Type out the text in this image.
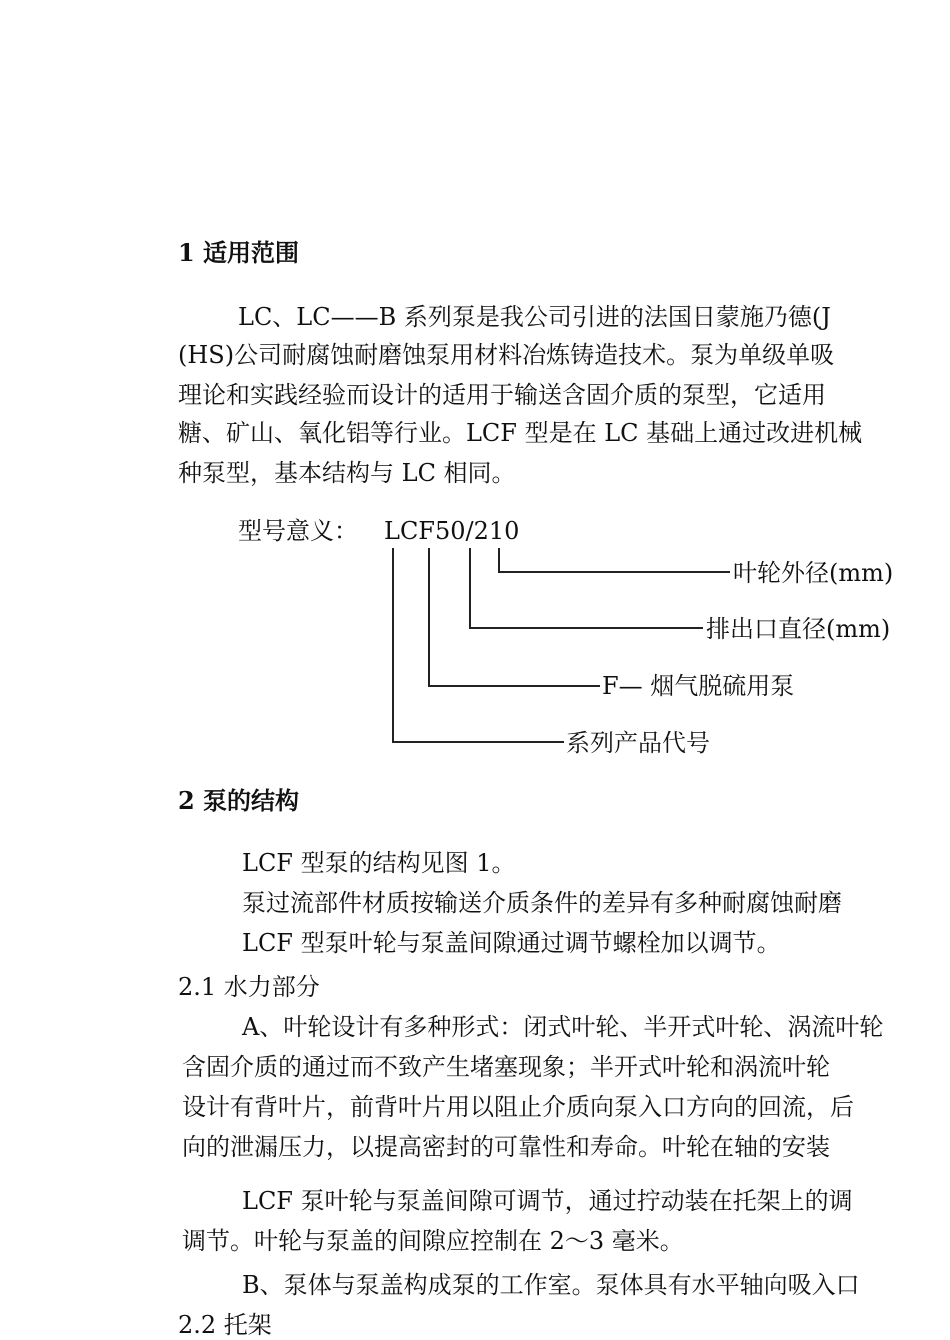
1 适用范围
LC、LC——B 系列泵是我公司引进的法国日蒙施乃德(J
(HS)公司耐腐蚀耐磨蚀泵用材料冶炼铸造技术。泵为单级单吸
理论和实践经验而设计的适用于输送含固介质的泵型，它适用
糖、矿山、氧化铝等行业。LCF 型是在 LC 基础上通过改进机械
种泵型，基本结构与 LC 相同。
型号意义： LCF50/210
叶轮外径(mm)
排出口直径(mm)
F— 烟气脱硫用泵
系列产品代号
2 泵的结构
LCF 型泵的结构见图 1。
泵过流部件材质按输送介质条件的差异有多种耐腐蚀耐磨
LCF 型泵叶轮与泵盖间隙通过调节螺栓加以调节。
2.1 水力部分
A、叶轮设计有多种形式：闭式叶轮、半开式叶轮、涡流叶轮
含固介质的通过而不致产生堵塞现象；半开式叶轮和涡流叶轮
设计有背叶片，前背叶片用以阻止介质向泵入口方向的回流，后
向的泄漏压力，以提高密封的可靠性和寿命。叶轮在轴的安装
LCF 泵叶轮与泵盖间隙可调节，通过拧动装在托架上的调
调节。叶轮与泵盖的间隙应控制在 2～3 毫米。
B、泵体与泵盖构成泵的工作室。泵体具有水平轴向吸入口
2.2 托架
